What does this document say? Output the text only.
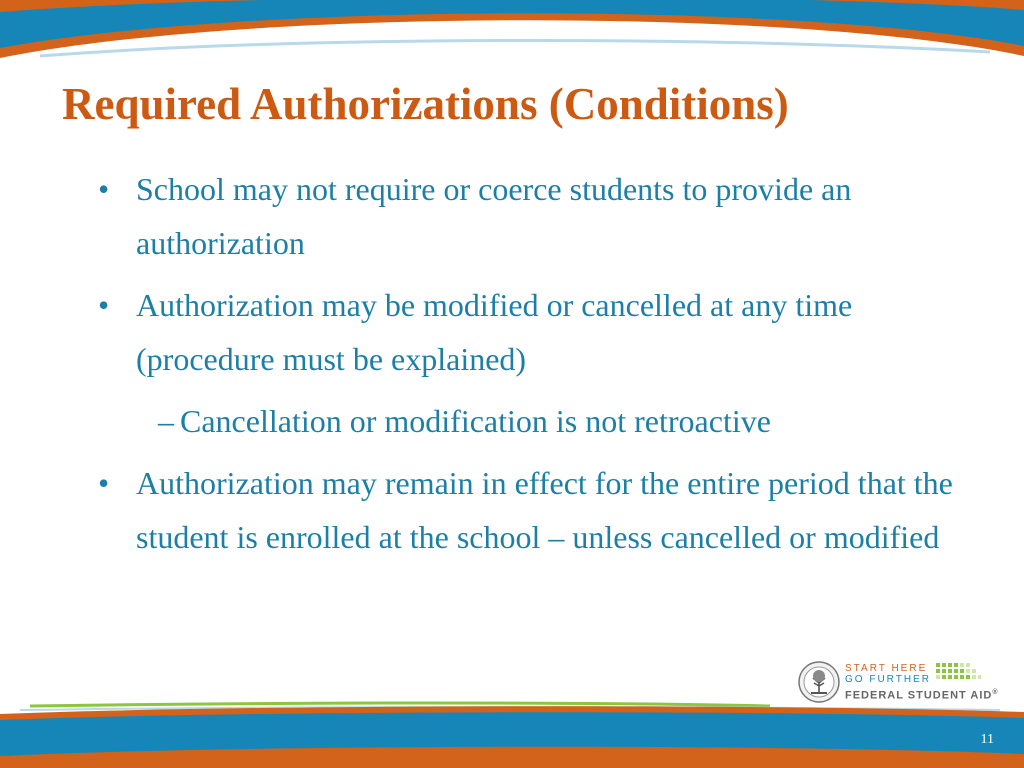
Required Authorizations (Conditions)
• School may not require or coerce students to provide an authorization
• Authorization may be modified or cancelled at any time (procedure must be explained)
– Cancellation or modification is not retroactive
• Authorization may remain in effect for the entire period that the student is enrolled at the school – unless cancelled or modified
START HERE
GO FURTHER
FEDERAL STUDENT AID®
11
